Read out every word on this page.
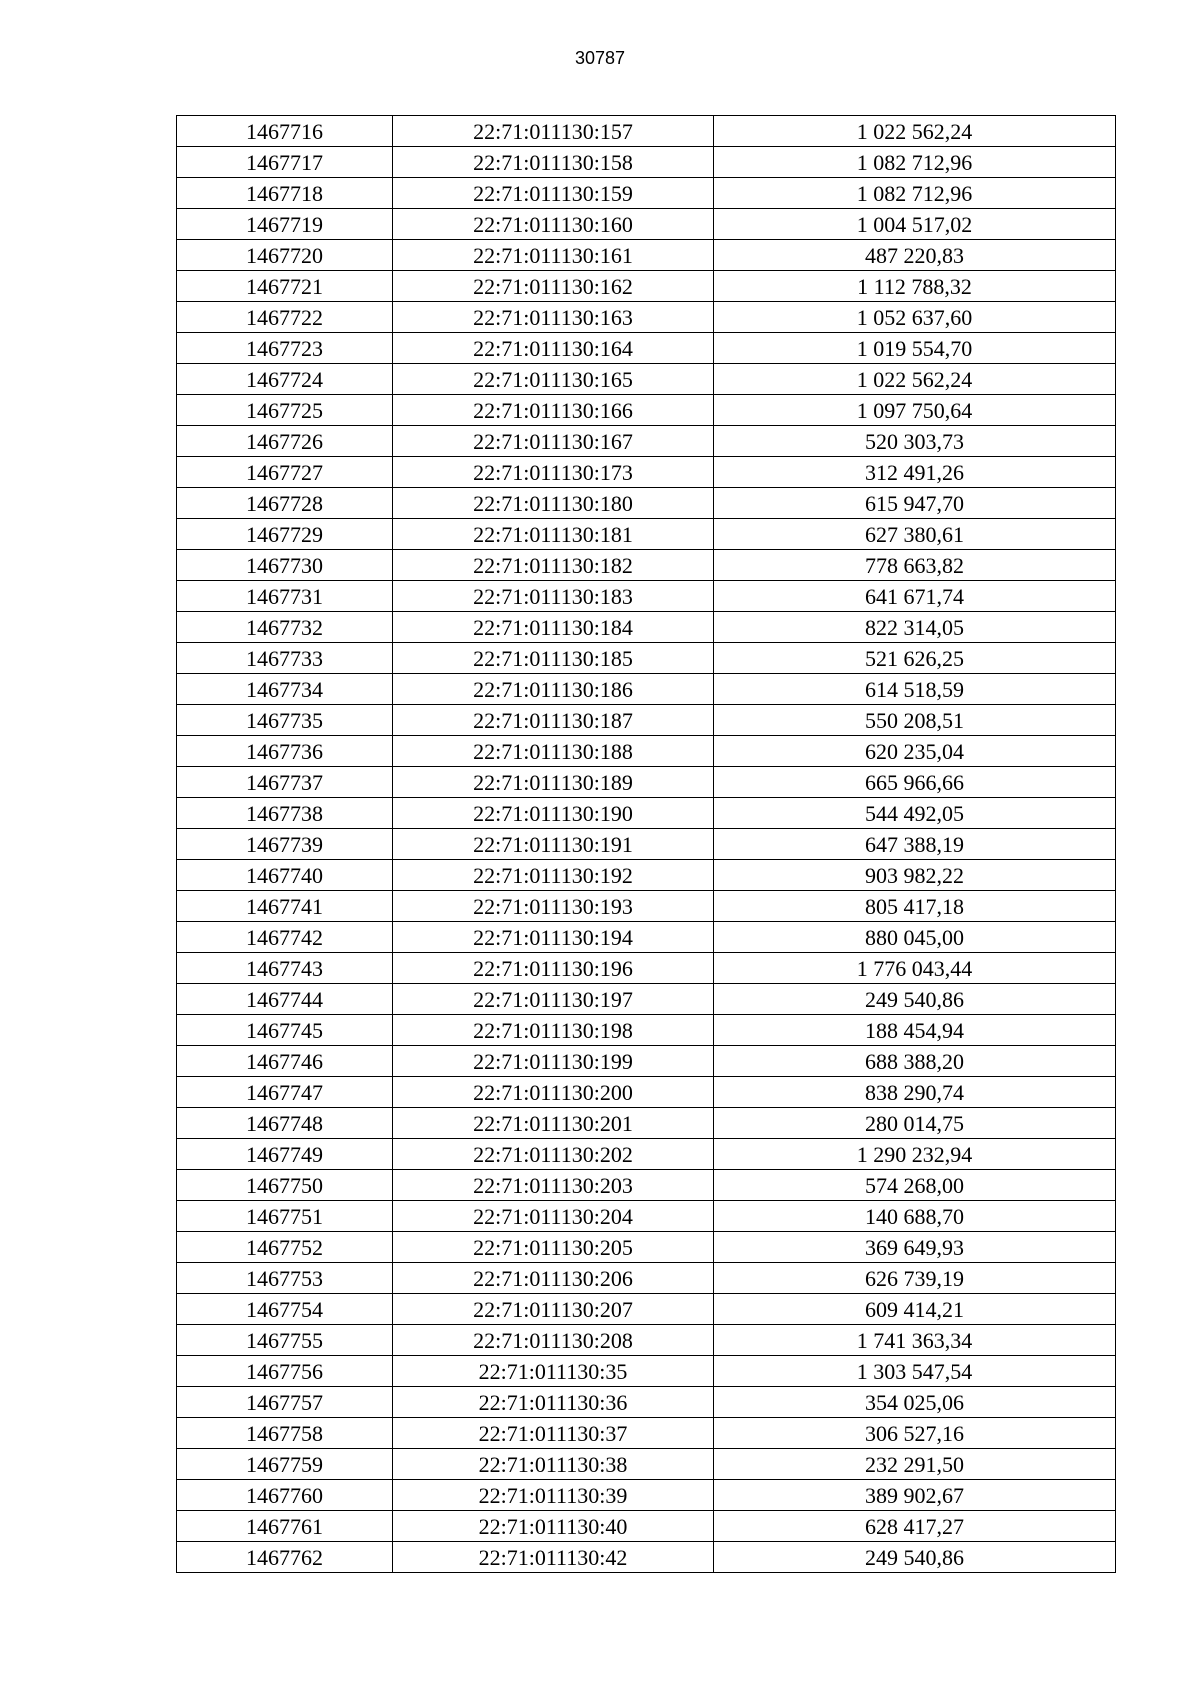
30787
1467716	22:71:011130:157	1 022 562,24
1467717	22:71:011130:158	1 082 712,96
1467718	22:71:011130:159	1 082 712,96
1467719	22:71:011130:160	1 004 517,02
1467720	22:71:011130:161	487 220,83
1467721	22:71:011130:162	1 112 788,32
1467722	22:71:011130:163	1 052 637,60
1467723	22:71:011130:164	1 019 554,70
1467724	22:71:011130:165	1 022 562,24
1467725	22:71:011130:166	1 097 750,64
1467726	22:71:011130:167	520 303,73
1467727	22:71:011130:173	312 491,26
1467728	22:71:011130:180	615 947,70
1467729	22:71:011130:181	627 380,61
1467730	22:71:011130:182	778 663,82
1467731	22:71:011130:183	641 671,74
1467732	22:71:011130:184	822 314,05
1467733	22:71:011130:185	521 626,25
1467734	22:71:011130:186	614 518,59
1467735	22:71:011130:187	550 208,51
1467736	22:71:011130:188	620 235,04
1467737	22:71:011130:189	665 966,66
1467738	22:71:011130:190	544 492,05
1467739	22:71:011130:191	647 388,19
1467740	22:71:011130:192	903 982,22
1467741	22:71:011130:193	805 417,18
1467742	22:71:011130:194	880 045,00
1467743	22:71:011130:196	1 776 043,44
1467744	22:71:011130:197	249 540,86
1467745	22:71:011130:198	188 454,94
1467746	22:71:011130:199	688 388,20
1467747	22:71:011130:200	838 290,74
1467748	22:71:011130:201	280 014,75
1467749	22:71:011130:202	1 290 232,94
1467750	22:71:011130:203	574 268,00
1467751	22:71:011130:204	140 688,70
1467752	22:71:011130:205	369 649,93
1467753	22:71:011130:206	626 739,19
1467754	22:71:011130:207	609 414,21
1467755	22:71:011130:208	1 741 363,34
1467756	22:71:011130:35	1 303 547,54
1467757	22:71:011130:36	354 025,06
1467758	22:71:011130:37	306 527,16
1467759	22:71:011130:38	232 291,50
1467760	22:71:011130:39	389 902,67
1467761	22:71:011130:40	628 417,27
1467762	22:71:011130:42	249 540,86
